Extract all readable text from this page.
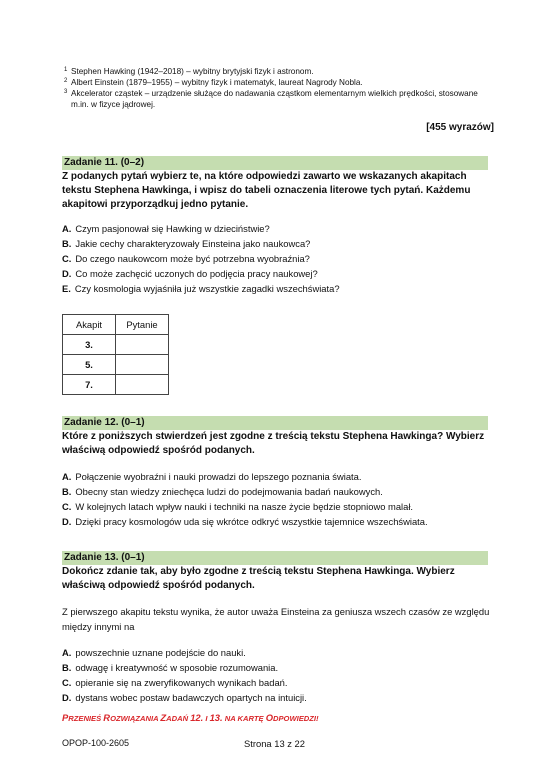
1 Stephen Hawking (1942–2018) – wybitny brytyjski fizyk i astronom.
2 Albert Einstein (1879–1955) – wybitny fizyk i matematyk, laureat Nagrody Nobla.
3 Akcelerator cząstek – urządzenie służące do nadawania cząstkom elementarnym wielkich prędkości, stosowane
m.in. w fizyce jądrowej.
[455 wyrazów]
Zadanie 11. (0–2)
Z podanych pytań wybierz te, na które odpowiedzi zawarto we wskazanych akapitach tekstu Stephena Hawkinga, i wpisz do tabeli oznaczenia literowe tych pytań. Każdemu akapitowi przyporządkuj jedno pytanie.
A. Czym pasjonował się Hawking w dzieciństwie?
B. Jakie cechy charakteryzowały Einsteina jako naukowca?
C. Do czego naukowcom może być potrzebna wyobraźnia?
D. Co może zachęcić uczonych do podjęcia pracy naukowej?
E. Czy kosmologia wyjaśniła już wszystkie zagadki wszechświata?
Akapit	Pytanie
3.	
5.	
7.	
Zadanie 12. (0–1)
Które z poniższych stwierdzeń jest zgodne z treścią tekstu Stephena Hawkinga? Wybierz właściwą odpowiedź spośród podanych.
A. Połączenie wyobraźni i nauki prowadzi do lepszego poznania świata.
B. Obecny stan wiedzy zniechęca ludzi do podejmowania badań naukowych.
C. W kolejnych latach wpływ nauki i techniki na nasze życie będzie stopniowo malał.
D. Dzięki pracy kosmologów uda się wkrótce odkryć wszystkie tajemnice wszechświata.
Zadanie 13. (0–1)
Dokończ zdanie tak, aby było zgodne z treścią tekstu Stephena Hawkinga. Wybierz właściwą odpowiedź spośród podanych.
Z pierwszego akapitu tekstu wynika, że autor uważa Einsteina za geniusza wszech czasów ze względu między innymi na
A. powszechnie uznane podejście do nauki.
B. odwagę i kreatywność w sposobie rozumowania.
C. opieranie się na zweryfikowanych wynikach badań.
D. dystans wobec postaw badawczych opartych na intuicji.
PRZENIEŚ ROZWIĄZANIA ZADAŃ 12. I 13. NA KARTĘ ODPOWIEDZI!
OPOP-100-2605	Strona 13 z 22
